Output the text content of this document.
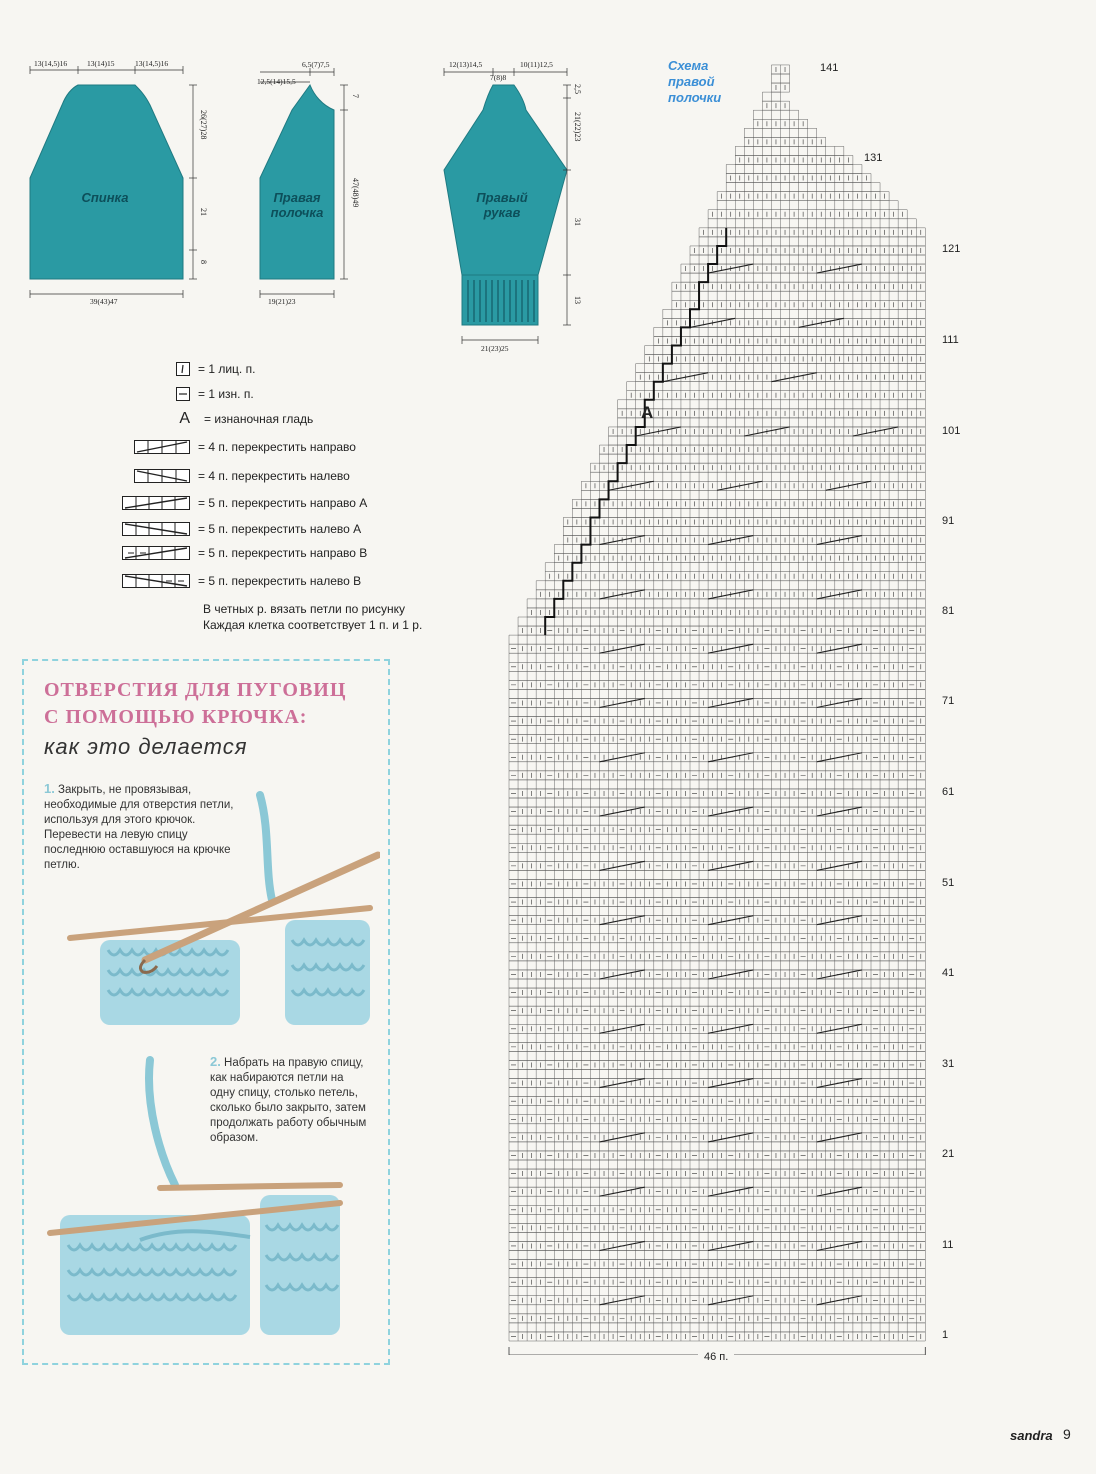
Спинка	Правая
полочка
Правый
рукав
13(14,5)16	13(14)15	13(14,5)16
26(27)28
21
8
39(43)47
6,5(7)7,5
12,5(14)15,5
7
47(48)49
19(21)23
12(13)14,5	10(11)12,5
7(8)8
2,5
21(22)23
31
13
21(23)25
= 1 лиц. п.
= 1 изн. п.
A = изнаночная гладь
= 4 п. перекрестить направо
= 4 п. перекрестить налево
= 5 п. перекрестить направо А
= 5 п. перекрестить налево А
= 5 п. перекрестить направо В
= 5 п. перекрестить налево В
В четных р. вязать петли по рисунку
Каждая клетка соответствует 1 п. и 1 р.
ОТВЕРСТИЯ ДЛЯ ПУГОВИЦ
С ПОМОЩЬЮ КРЮЧКА:
как это делается
1. Закрыть, не провязывая, необходимые для отверстия петли, используя для этого крючок. Перевести на левую спицу последнюю оставшуюся на крючке петлю.
2. Набрать на правую спицу, как набираются петли на одну спицу, столько петель, сколько было закрыто, затем продолжать работу обычным образом.
Схема
правой
полочки
A
141
131
121
111
101
91
81
71
61
51
41
31
21
11
1
46 п.
sandra 9
